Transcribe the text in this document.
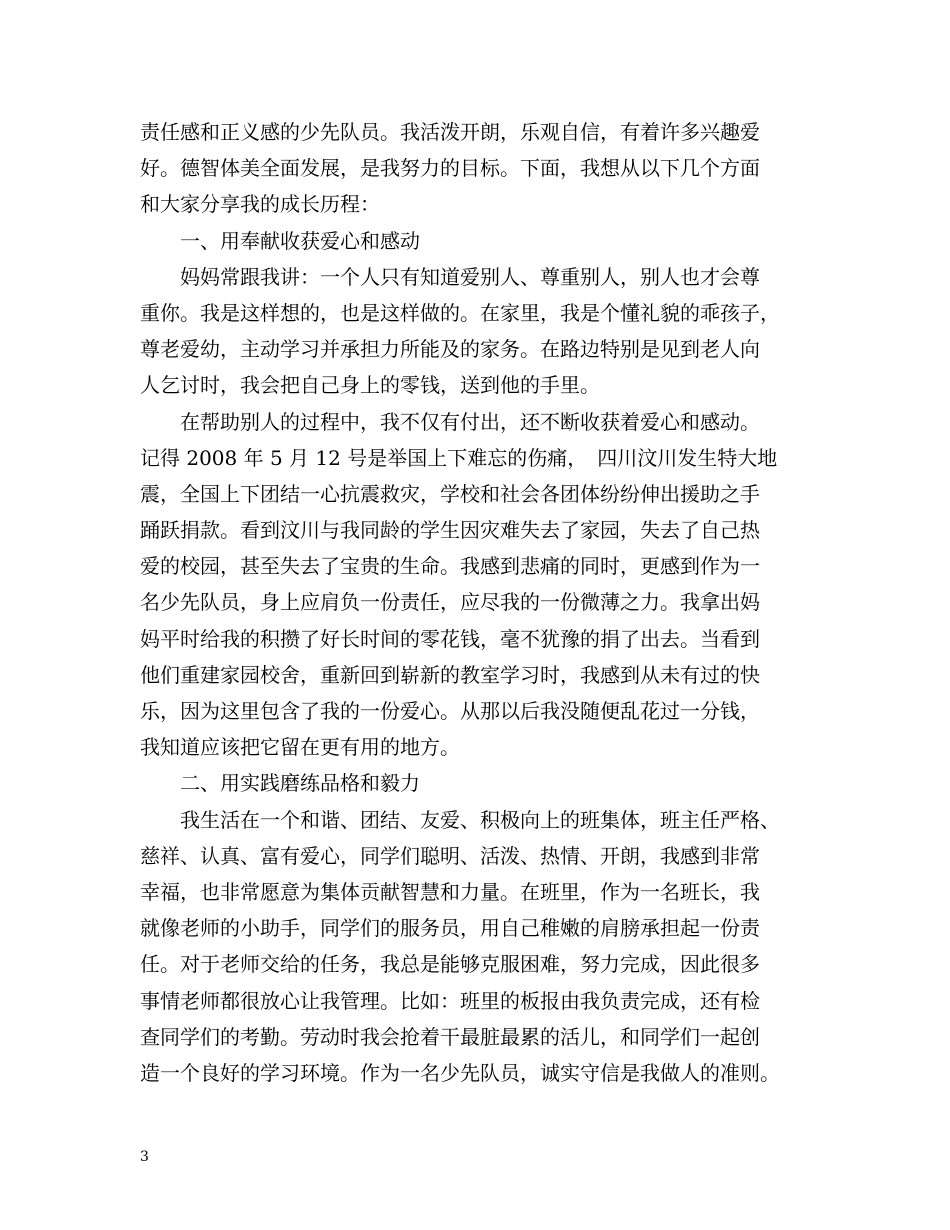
责任感和正义感的少先队员。我活泼开朗，乐观自信，有着许多兴趣爱
好。德智体美全面发展，是我努力的目标。下面，我想从以下几个方面
和大家分享我的成长历程：
　　一、用奉献收获爱心和感动
　　妈妈常跟我讲：一个人只有知道爱别人、尊重别人，别人也才会尊
重你。我是这样想的，也是这样做的。在家里，我是个懂礼貌的乖孩子，
尊老爱幼，主动学习并承担力所能及的家务。在路边特别是见到老人向
人乞讨时，我会把自己身上的零钱，送到他的手里。
　　在帮助别人的过程中，我不仅有付出，还不断收获着爱心和感动。
记得 2008 年 5 月 12 号是举国上下难忘的伤痛，　四川汶川发生特大地
震，全国上下团结一心抗震救灾，学校和社会各团体纷纷伸出援助之手
踊跃捐款。看到汶川与我同龄的学生因灾难失去了家园，失去了自己热
爱的校园，甚至失去了宝贵的生命。我感到悲痛的同时，更感到作为一
名少先队员，身上应肩负一份责任，应尽我的一份微薄之力。我拿出妈
妈平时给我的积攒了好长时间的零花钱，毫不犹豫的捐了出去。当看到
他们重建家园校舍，重新回到崭新的教室学习时，我感到从未有过的快
乐，因为这里包含了我的一份爱心。从那以后我没随便乱花过一分钱，
我知道应该把它留在更有用的地方。
　　二、用实践磨练品格和毅力
　　我生活在一个和谐、团结、友爱、积极向上的班集体，班主任严格、
慈祥、认真、富有爱心，同学们聪明、活泼、热情、开朗，我感到非常
幸福，也非常愿意为集体贡献智慧和力量。在班里，作为一名班长，我
就像老师的小助手，同学们的服务员，用自己稚嫩的肩膀承担起一份责
任。对于老师交给的任务，我总是能够克服困难，努力完成，因此很多
事情老师都很放心让我管理。比如：班里的板报由我负责完成，还有检
查同学们的考勤。劳动时我会抢着干最脏最累的活儿，和同学们一起创
造一个良好的学习环境。作为一名少先队员，诚实守信是我做人的准则。
3
